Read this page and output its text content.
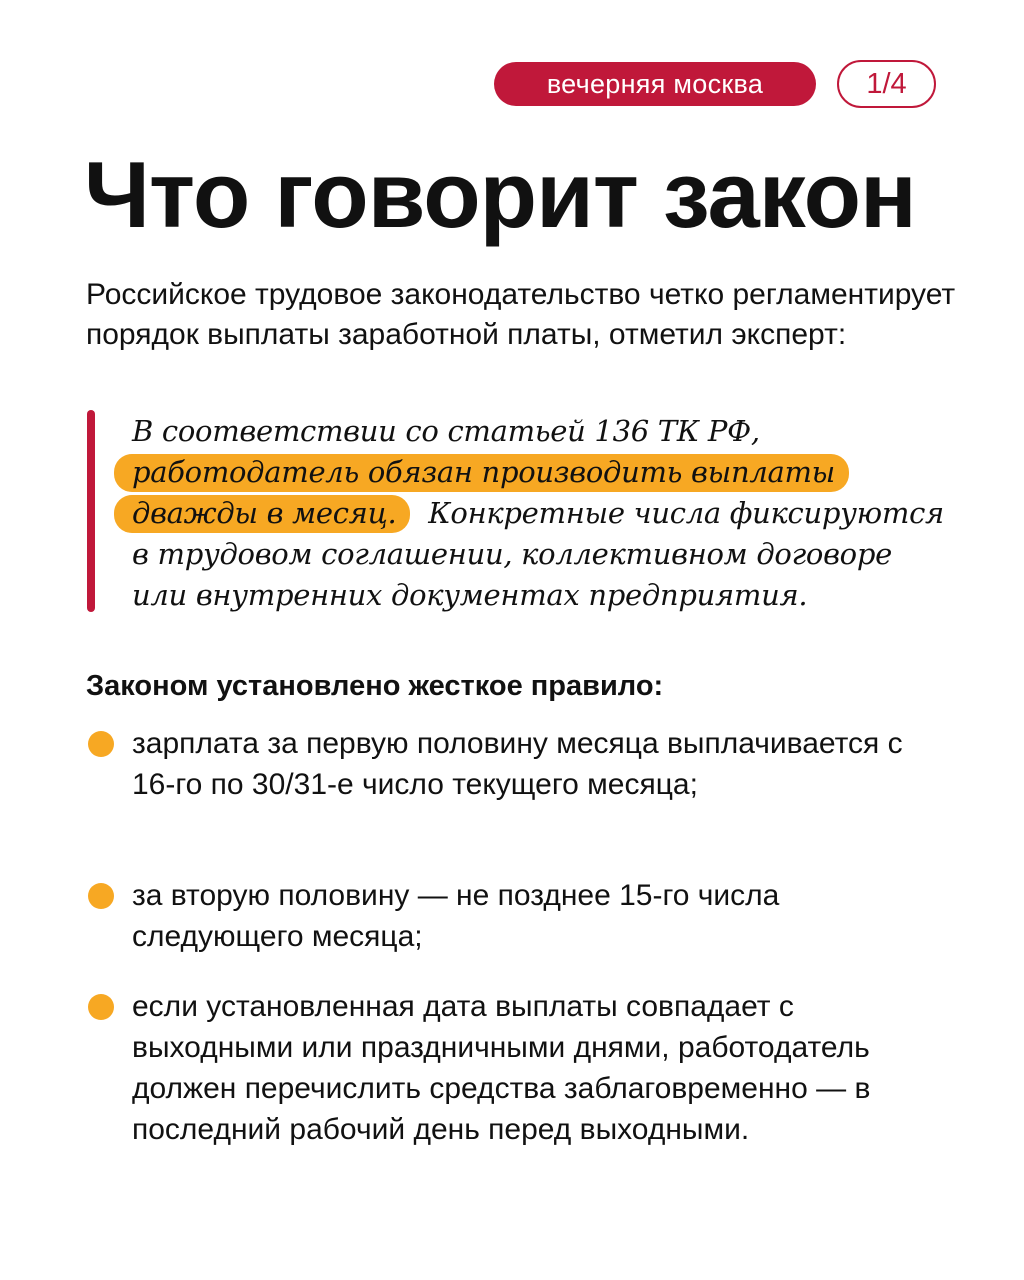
вечерняя москва	1/4
Что говорит закон

Российское трудовое законодательство четко регламентирует порядок выплаты заработной платы, отметил эксперт:

В соответствии со статьей 136 ТК РФ,
работодатель обязан производить выплаты
дважды в месяц. Конкретные числа фиксируются
в трудовом соглашении, коллективном договоре
или внутренних документах предприятия.
Законом установлено жесткое правило:

зарплата за первую половину месяца выплачивается с 16-го по 30/31-е число текущего месяца;

за вторую половину — не позднее 15-го числа следующего месяца;

если установленная дата выплаты совпадает с выходными или праздничными днями, работодатель должен перечислить средства заблаговременно — в последний рабочий день перед выходными.
